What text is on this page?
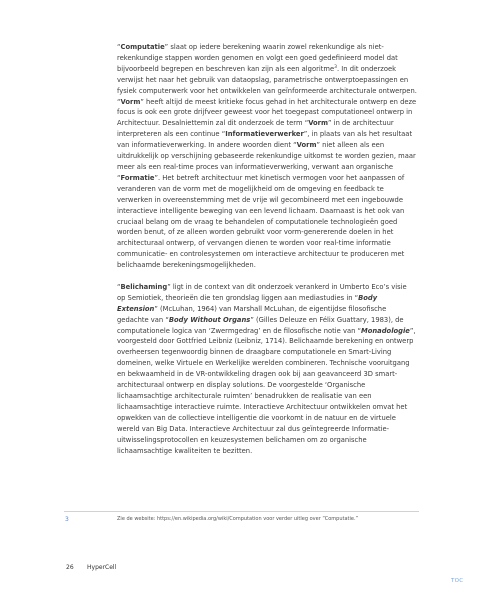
“Computatie” slaat op iedere berekening waarin zowel rekenkundige als niet-rekenkundige stappen worden genomen en volgt een goed gedefinieerd model dat bijvoorbeeld begrepen en beschreven kan zijn als een algoritme$^3$. In dit onderzoek verwijst het naar het gebruik van dataopslag, parametrische ontwerptoepassingen en fysiek computerwerk voor het ontwikkelen van geïnformeerde architecturale ontwerpen. “Vorm” heeft altijd de meest kritieke focus gehad in het architecturale ontwerp en deze focus is ook een grote drijfveer geweest voor het toegepast computationeel ontwerp in Architectuur. Desalniettemin zal dit onderzoek de term “Vorm” in de architectuur interpreteren als een continue “Informatieverwerker”, in plaats van als het resultaat van informatieverwerking. In andere woorden dient “Vorm” niet alleen als een uitdrukkelijk op verschijning gebaseerde rekenkundige uitkomst te worden gezien, maar meer als een real-time proces van informatieverwerking, verwant aan organische “Formatie”. Het betreft architectuur met kinetisch vermogen voor het aanpassen of veranderen van de vorm met de mogelijkheid om de omgeving en feedback te verwerken in overeenstemming met de vrije wil gecombineerd met een ingebouwde interactieve intelligente beweging van een levend lichaam. Daarnaast is het ook van cruciaal belang om de vraag te behandelen of computationele technologieën goed worden benut, of ze alleen worden gebruikt voor vorm-genererende doelen in het architecturaal ontwerp, of vervangen dienen te worden voor real-time informatie communicatie- en controlesystemen om interactieve architectuur te produceren met belichaamde berekeningsmogelijkheden.

“Belichaming” ligt in de context van dit onderzoek verankerd in Umberto Eco’s visie op Semiotiek, theorieën die ten grondslag liggen aan mediastudies in “Body Extension” (McLuhan, 1964) van Marshall McLuhan, de eigentijdse filosofische gedachte van “Body Without Organs” (Gilles Deleuze en Félix Guattary, 1983), de computationele logica van ‘Zwermgedrag’ en de filosofische notie van “Monadologie”, voorgesteld door Gottfried Leibniz (Leibniz, 1714). Belichaamde berekening en ontwerp overheersen tegenwoordig binnen de draagbare computationele en Smart-Living domeinen, welke Virtuele en Werkelijke werelden combineren. Technische vooruitgang en bekwaamheid in de VR-ontwikkeling dragen ook bij aan geavanceerd 3D smart-architecturaal ontwerp en display solutions. De voorgestelde ‘Organische lichaamsachtige architecturale ruimten’ benadrukken de realisatie van een lichaamsachtige interactieve ruimte. Interactieve Architectuur ontwikkelen omvat het opwekken van de collectieve intelligentie die voorkomt in de natuur en de virtuele wereld van Big Data. Interactieve Architectuur zal dus geïntegreerde Informatie-uitwisselingsprotocollen en keuzesystemen belichamen om zo organische lichaamsachtige kwaliteiten te bezitten.

3	Zie de website: https://en.wikipedia.org/wiki/Computation voor verder uitleg over “Computatie.”
26 HyperCell
TOC
